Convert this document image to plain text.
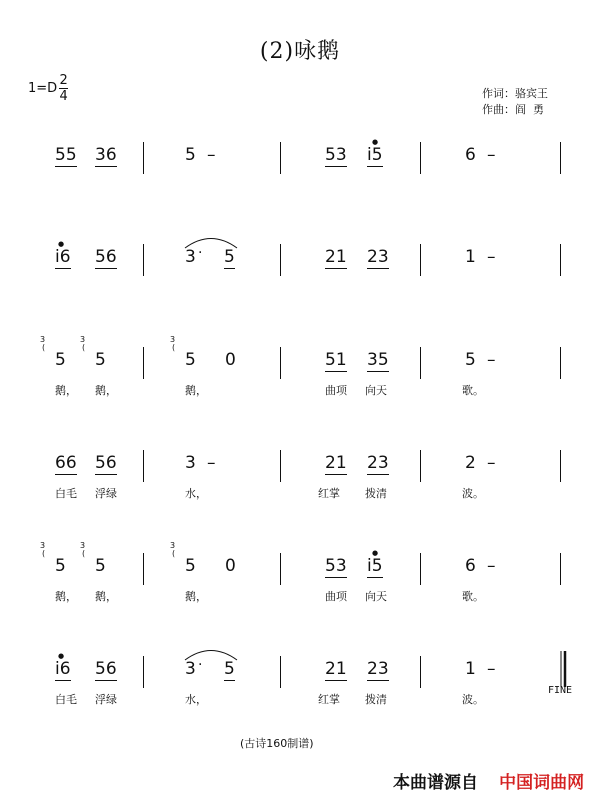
(2)咏鹅
$1=D \frac{2}{4}$	作词：骆宾王
作曲：阎  勇
55 36	5 –	53 i5
●
6 –
i6
●
56	3 · 5	21 23	1 –
3
(
5
3
(
5
3
(
5 0	51 35	5 –
鹅， 鹅，	鹅，	曲项 向天	歌。
66 56	3 –	21 23	2 –
白毛 浮绿	水，	红掌 拨清	波。
3
(
5
3
(
5
3
(
5 0	53 i5
●
6 –
鹅， 鹅，	鹅，	曲项 向天	歌。
i6
●
56	3 · 5	21 23	1 –
FINE
白毛 浮绿	水，	红掌 拨清	波。
(古诗160制谱)
本曲谱源自 中国词曲网
